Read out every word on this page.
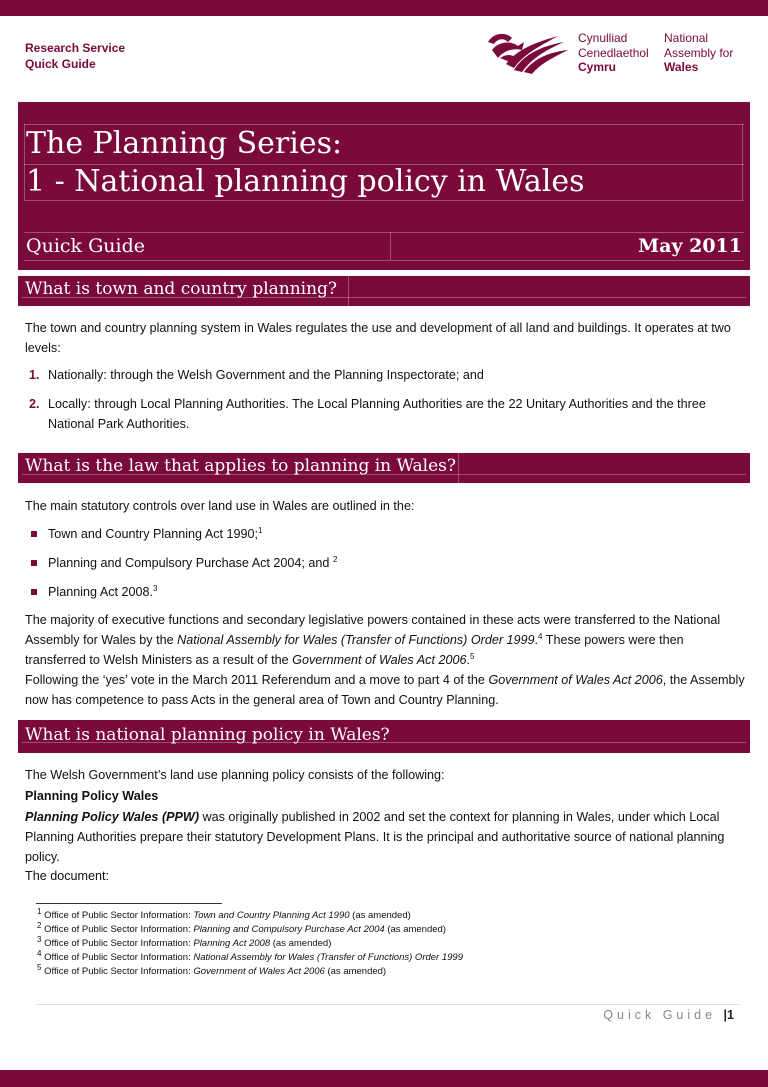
Research Service
Quick Guide
Cynulliad
Cenedlaethol
Cymru
National
Assembly for
Wales
The Planning Series:
1 - National planning policy in Wales
Quick Guide	May 2011
What is town and country planning?
The town and country planning system in Wales regulates the use and development of all land and buildings. It operates at two levels:
1. Nationally: through the Welsh Government and the Planning Inspectorate; and
2. Locally: through Local Planning Authorities. The Local Planning Authorities are the 22 Unitary Authorities and the three National Park Authorities.
What is the law that applies to planning in Wales?
The main statutory controls over land use in Wales are outlined in the:
Town and Country Planning Act 1990;$^1$
Planning and Compulsory Purchase Act 2004; and $^2$
Planning Act 2008.$^3$
The majority of executive functions and secondary legislative powers contained in these acts were transferred to the National Assembly for Wales by the National Assembly for Wales (Transfer of Functions) Order 1999.$^4$ These powers were then transferred to Welsh Ministers as a result of the Government of Wales Act 2006.$^5$
Following the ‘yes’ vote in the March 2011 Referendum and a move to part 4 of the Government of Wales Act 2006, the Assembly now has competence to pass Acts in the general area of Town and Country Planning.
What is national planning policy in Wales?
The Welsh Government’s land use planning policy consists of the following:
Planning Policy Wales
Planning Policy Wales (PPW) was originally published in 2002 and set the context for planning in Wales, under which Local Planning Authorities prepare their statutory Development Plans. It is the principal and authoritative source of national planning policy.
The document:
$^1$ Office of Public Sector Information: Town and Country Planning Act 1990 (as amended)
$^2$ Office of Public Sector Information: Planning and Compulsory Purchase Act 2004 (as amended)
$^3$ Office of Public Sector Information: Planning Act 2008 (as amended)
$^4$ Office of Public Sector Information: National Assembly for Wales (Transfer of Functions) Order 1999
$^5$ Office of Public Sector Information: Government of Wales Act 2006 (as amended)
Quick Guide |1
